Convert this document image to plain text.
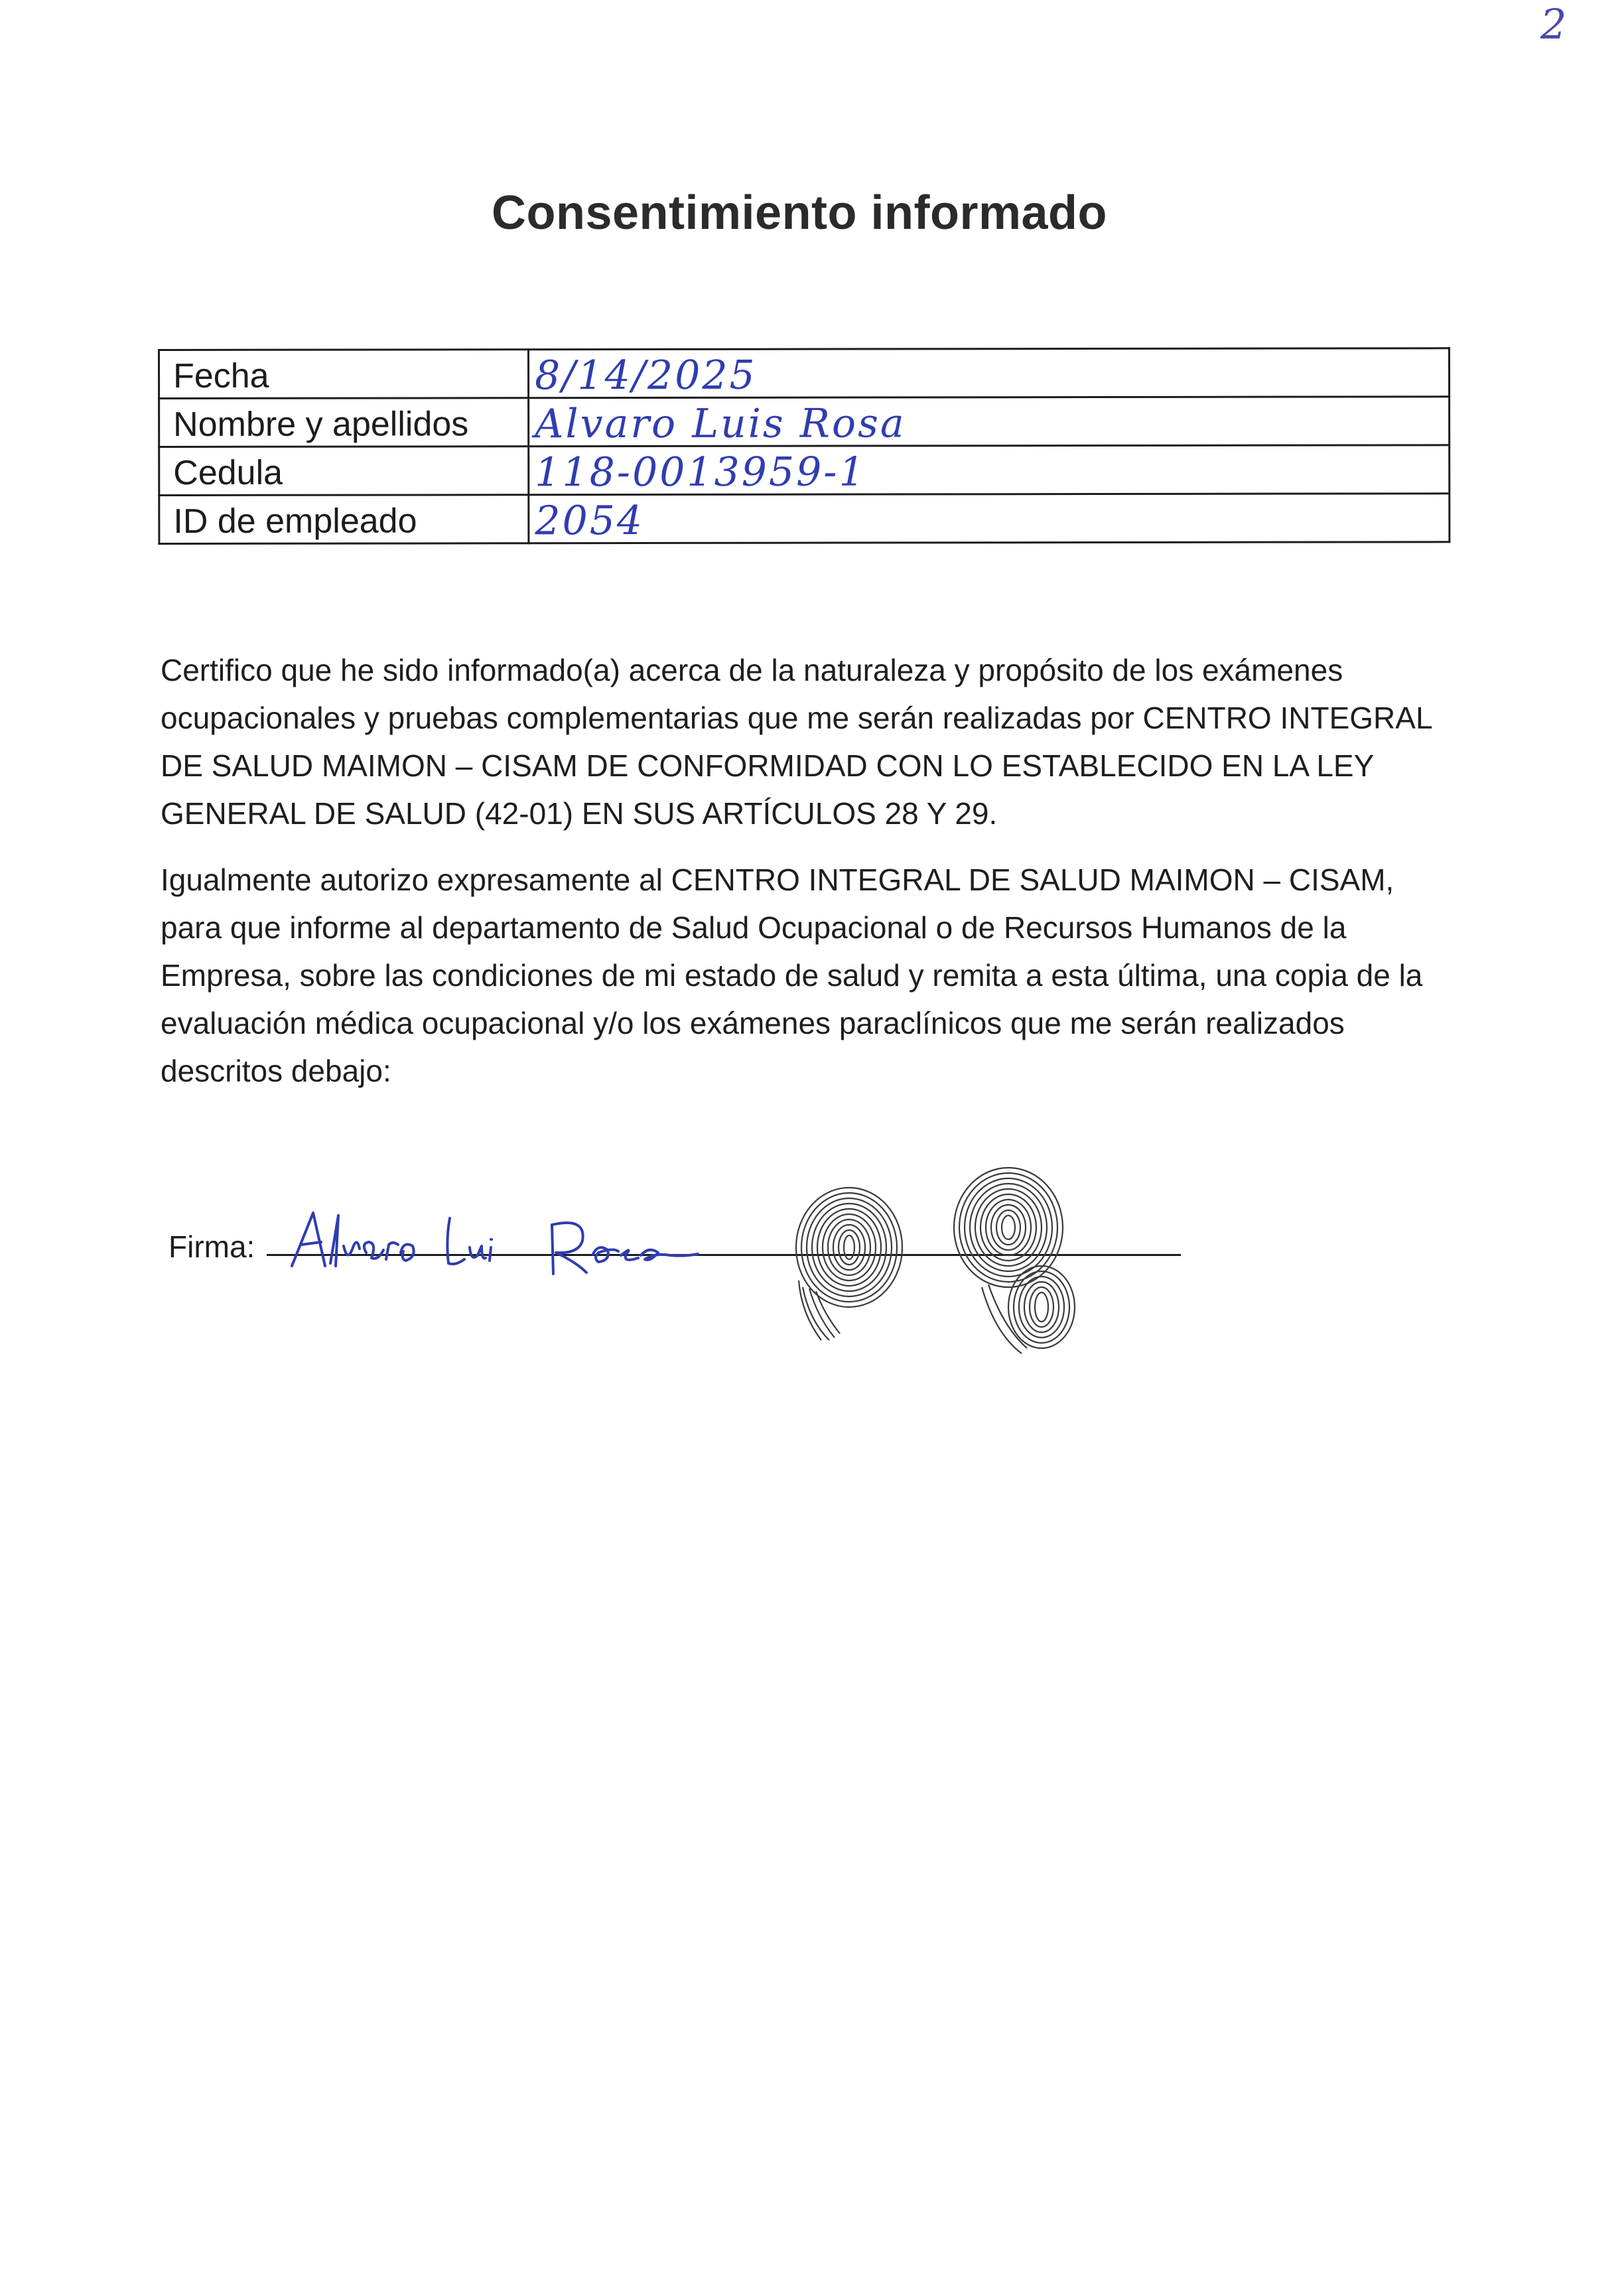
2
Consentimiento informado
Fecha	8/14/2025
Nombre y apellidos	Alvaro Luis Rosa
Cedula	118-0013959-1
ID de empleado	2054

Certifico que he sido informado(a) acerca de la naturaleza y propósito de los exámenes ocupacionales y pruebas complementarias que me serán realizadas por CENTRO INTEGRAL DE SALUD MAIMON – CISAM DE CONFORMIDAD CON LO ESTABLECIDO EN LA LEY GENERAL DE SALUD (42-01) EN SUS ARTÍCULOS 28 Y 29.

Igualmente autorizo expresamente al CENTRO INTEGRAL DE SALUD MAIMON – CISAM, para que informe al departamento de Salud Ocupacional o de Recursos Humanos de la Empresa, sobre las condiciones de mi estado de salud y remita a esta última, una copia de la evaluación médica ocupacional y/o los exámenes paraclínicos que me serán realizados descritos debajo:

Firma:
